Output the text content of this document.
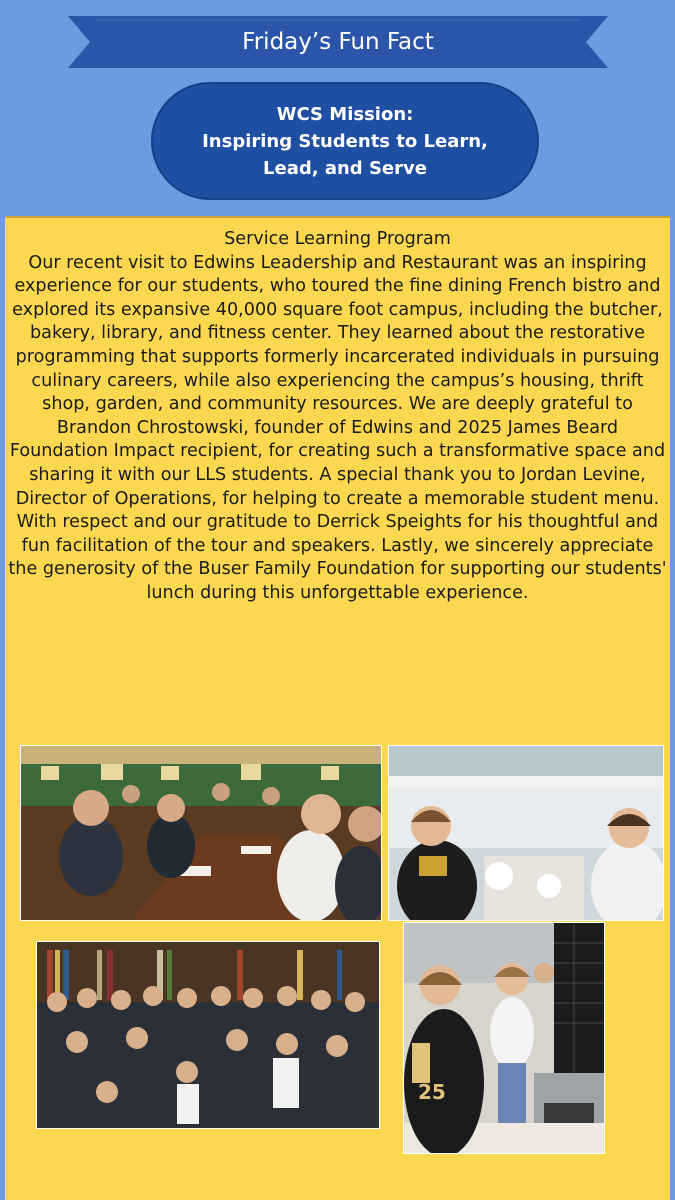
Friday’s Fun Fact
WCS Mission:
Inspiring Students to Learn,
Lead, and Serve
Service Learning Program
Our recent visit to Edwins Leadership and Restaurant was an inspiring experience for our students, who toured the fine dining French bistro and explored its expansive 40,000 square foot campus, including the butcher, bakery, library, and fitness center. They learned about the restorative programming that supports formerly incarcerated individuals in pursuing culinary careers, while also experiencing the campus’s housing, thrift shop, garden, and community resources. We are deeply grateful to Brandon Chrostowski, founder of Edwins and 2025 James Beard Foundation Impact recipient, for creating such a transformative space and sharing it with our LLS students. A special thank you to Jordan Levine, Director of Operations, for helping to create a memorable student menu. With respect and our gratitude to Derrick Speights for his thoughtful and fun facilitation of the tour and speakers. Lastly, we sincerely appreciate the generosity of the Buser Family Foundation for supporting our students' lunch during this unforgettable experience.
25
